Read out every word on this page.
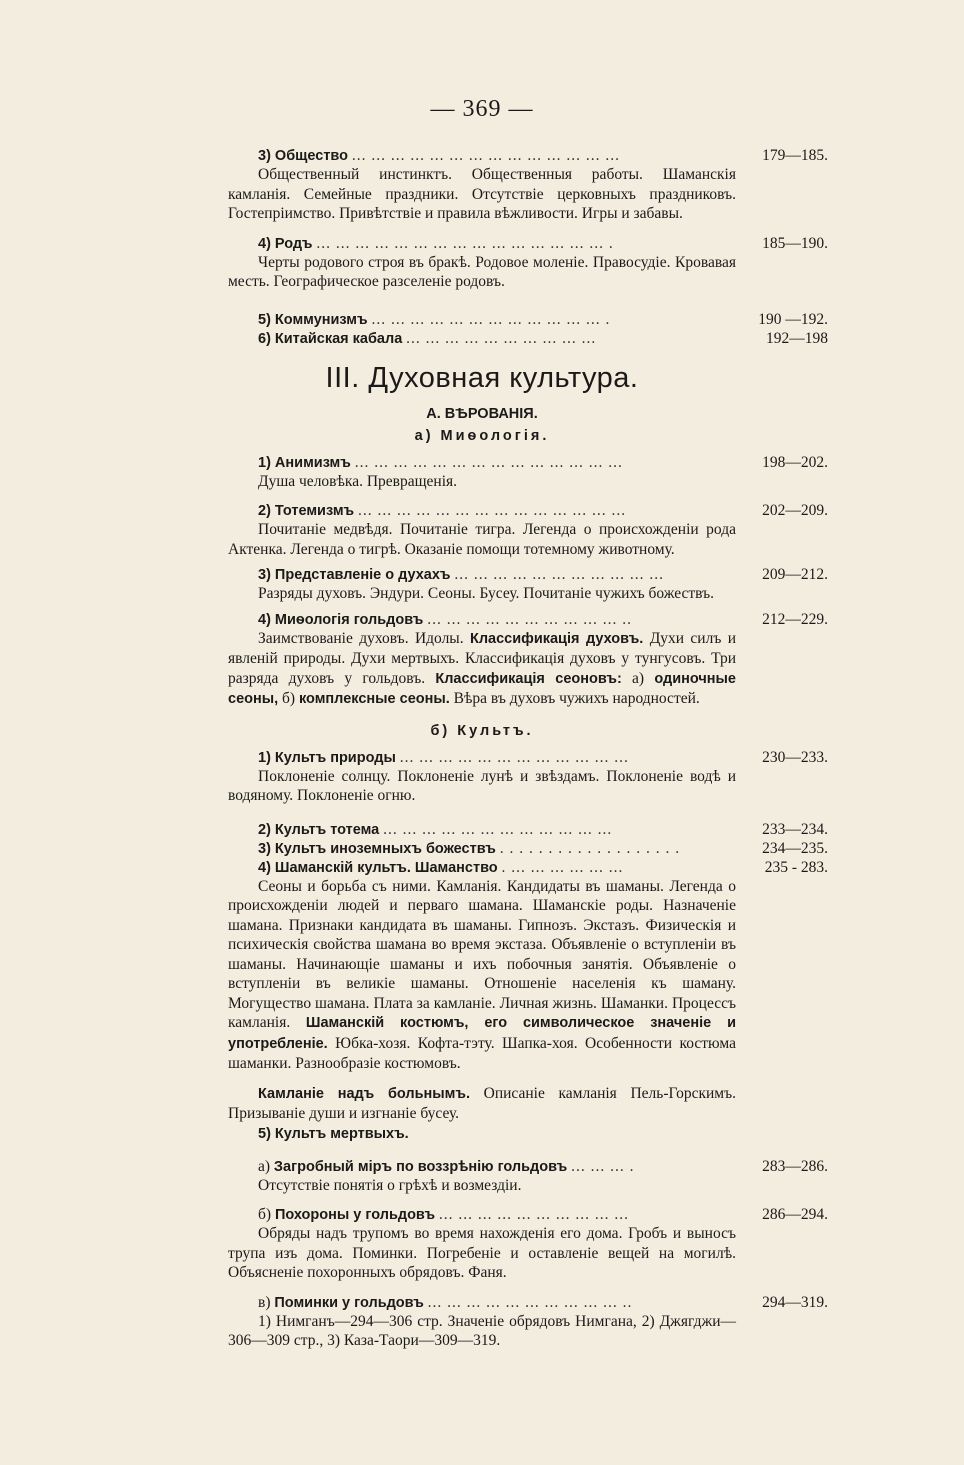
— 369 —
3) Общество ... ... ... ... ... ... ... ... ... ... ... ... ... ...	179—185.
Общественный инстинктъ. Общественныя работы. Шаманскія камланія. Семейные праздники. Отсутствіе церковныхъ праздниковъ. Гостепріимство. Привѣтствіе и правила вѣжливости. Игры и забавы.
4) Родъ ... ... ... ... ... ... ... ... ... ... ... ... ... ... ... .	185—190.
Черты родового строя въ бракѣ. Родовое моленіе. Правосудіе. Кровавая месть. Географическое разселеніе родовъ.
5) Коммунизмъ ... ... ... ... ... ... ... ... ... ... ... ... .	190 —192.
6) Китайская кабала ... ... ... ... ... ... ... ... ... ...	192—198
III. Духовная культура.
А. ВѢРОВАНІЯ.
а) Миѳологія.
1) Анимизмъ ... ... ... ... ... ... ... ... ... ... ... ... ... ...	198—202.
Душа человѣка. Превращенія.
2) Тотемизмъ ... ... ... ... ... ... ... ... ... ... ... ... ... ...	202—209.
Почитаніе медвѣдя. Почитаніе тигра. Легенда о происхожденіи рода Актенка. Легенда о тигрѣ. Оказаніе помощи тотемному животному.
3) Представленіе о духахъ ... ... ... ... ... ... ... ... ... ... ...	209—212.
Разряды духовъ. Эндури. Сеоны. Бусеу. Почитаніе чужихъ божествъ.
4) Миѳологія гольдовъ ... ... ... ... ... ... ... ... ... ... ..	212—229.
Заимствованіе духовъ. Идолы. Классификація духовъ. Духи силъ и явленій природы. Духи мертвыхъ. Классификація духовъ у тунгусовъ. Три разряда духовъ у гольдовъ. Классификація сеоновъ: а) одиночные сеоны, б) комплексные сеоны. Вѣра въ духовъ чужихъ народностей.
б) Культъ.
1) Культъ природы ... ... ... ... ... ... ... ... ... ... ... ...	230—233.
Поклоненіе солнцу. Поклоненіе лунѣ и звѣздамъ. Поклоненіе водѣ и водяному. Поклоненіе огню.
2) Культъ тотема ... ... ... ... ... ... ... ... ... ... ... ...	233—234.
3) Культъ иноземныхъ божествъ . . . . . . . . . . . . . . . . . . .	234—235.
4) Шаманскій культъ. Шаманство . ... ... ... ... ... ...	235 - 283.
Сеоны и борьба съ ними. Камланія. Кандидаты въ шаманы. Легенда о происхожденіи людей и перваго шамана. Шаманскіе роды. Назначеніе шамана. Признаки кандидата въ шаманы. Гипнозъ. Экстазъ. Физическія и психическія свойства шамана во время экстаза. Объявленіе о вступленіи въ шаманы. Начинающіе шаманы и ихъ побочныя занятія. Объявленіе о вступленіи въ великіе шаманы. Отношеніе населенія къ шаману. Могущество шамана. Плата за камланіе. Личная жизнь. Шаманки. Процессъ камланія. Шаманскій костюмъ, его символическое значеніе и употребленіе. Юбка-хозя. Кофта-тэту. Шапка-хоя. Особенности костюма шаманки. Разнообразіе костюмовъ.
Камланіе надъ больнымъ. Описаніе камланія Пель-Горскимъ. Призываніе души и изгнаніе бусеу.
5) Культъ мертвыхъ.
а) Загробный міръ по воззрѣнію гольдовъ ... ... ... .	283—286.
Отсутствіе понятія о грѣхѣ и возмездіи.
б) Похороны у гольдовъ ... ... ... ... ... ... ... ... ... ...	286—294.
Обряды надъ трупомъ во время нахожденія его дома. Гробъ и выносъ трупа изъ дома. Поминки. Погребеніе и оставленіе вещей на могилѣ. Объясненіе похоронныхъ обрядовъ. Фаня.
в) Поминки у гольдовъ ... ... ... ... ... ... ... ... ... ... ..	294—319.
1) Нимганъ—294—306 стр. Значеніе обрядовъ Нимгана, 2) Джягджи—306—309 стр., 3) Каза-Таори—309—319.
